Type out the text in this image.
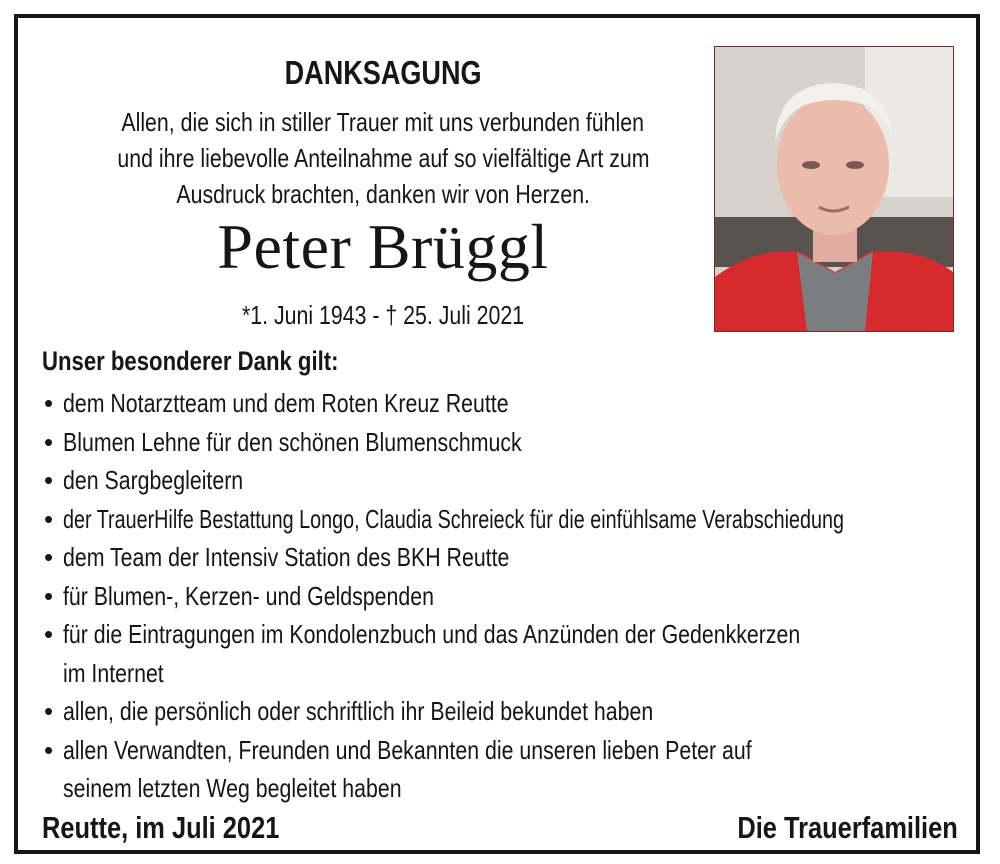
DANKSAGUNG
Allen, die sich in stiller Trauer mit uns verbunden fühlen
und ihre liebevolle Anteilnahme auf so vielfältige Art zum
Ausdruck brachten, danken wir von Herzen.
Peter Brüggl
*1. Juni 1943 - † 25. Juli 2021
Unser besonderer Dank gilt:
• dem Notarztteam und dem Roten Kreuz Reutte
• Blumen Lehne für den schönen Blumenschmuck
• den Sargbegleitern
• der TrauerHilfe Bestattung Longo, Claudia Schreieck für die einfühlsame Verabschiedung
• dem Team der Intensiv Station des BKH Reutte
• für Blumen-, Kerzen- und Geldspenden
• für die Eintragungen im Kondolenzbuch und das Anzünden der Gedenkkerzen
im Internet
• allen, die persönlich oder schriftlich ihr Beileid bekundet haben
• allen Verwandten, Freunden und Bekannten die unseren lieben Peter auf
seinem letzten Weg begleitet haben
Reutte, im Juli 2021	Die Trauerfamilien
